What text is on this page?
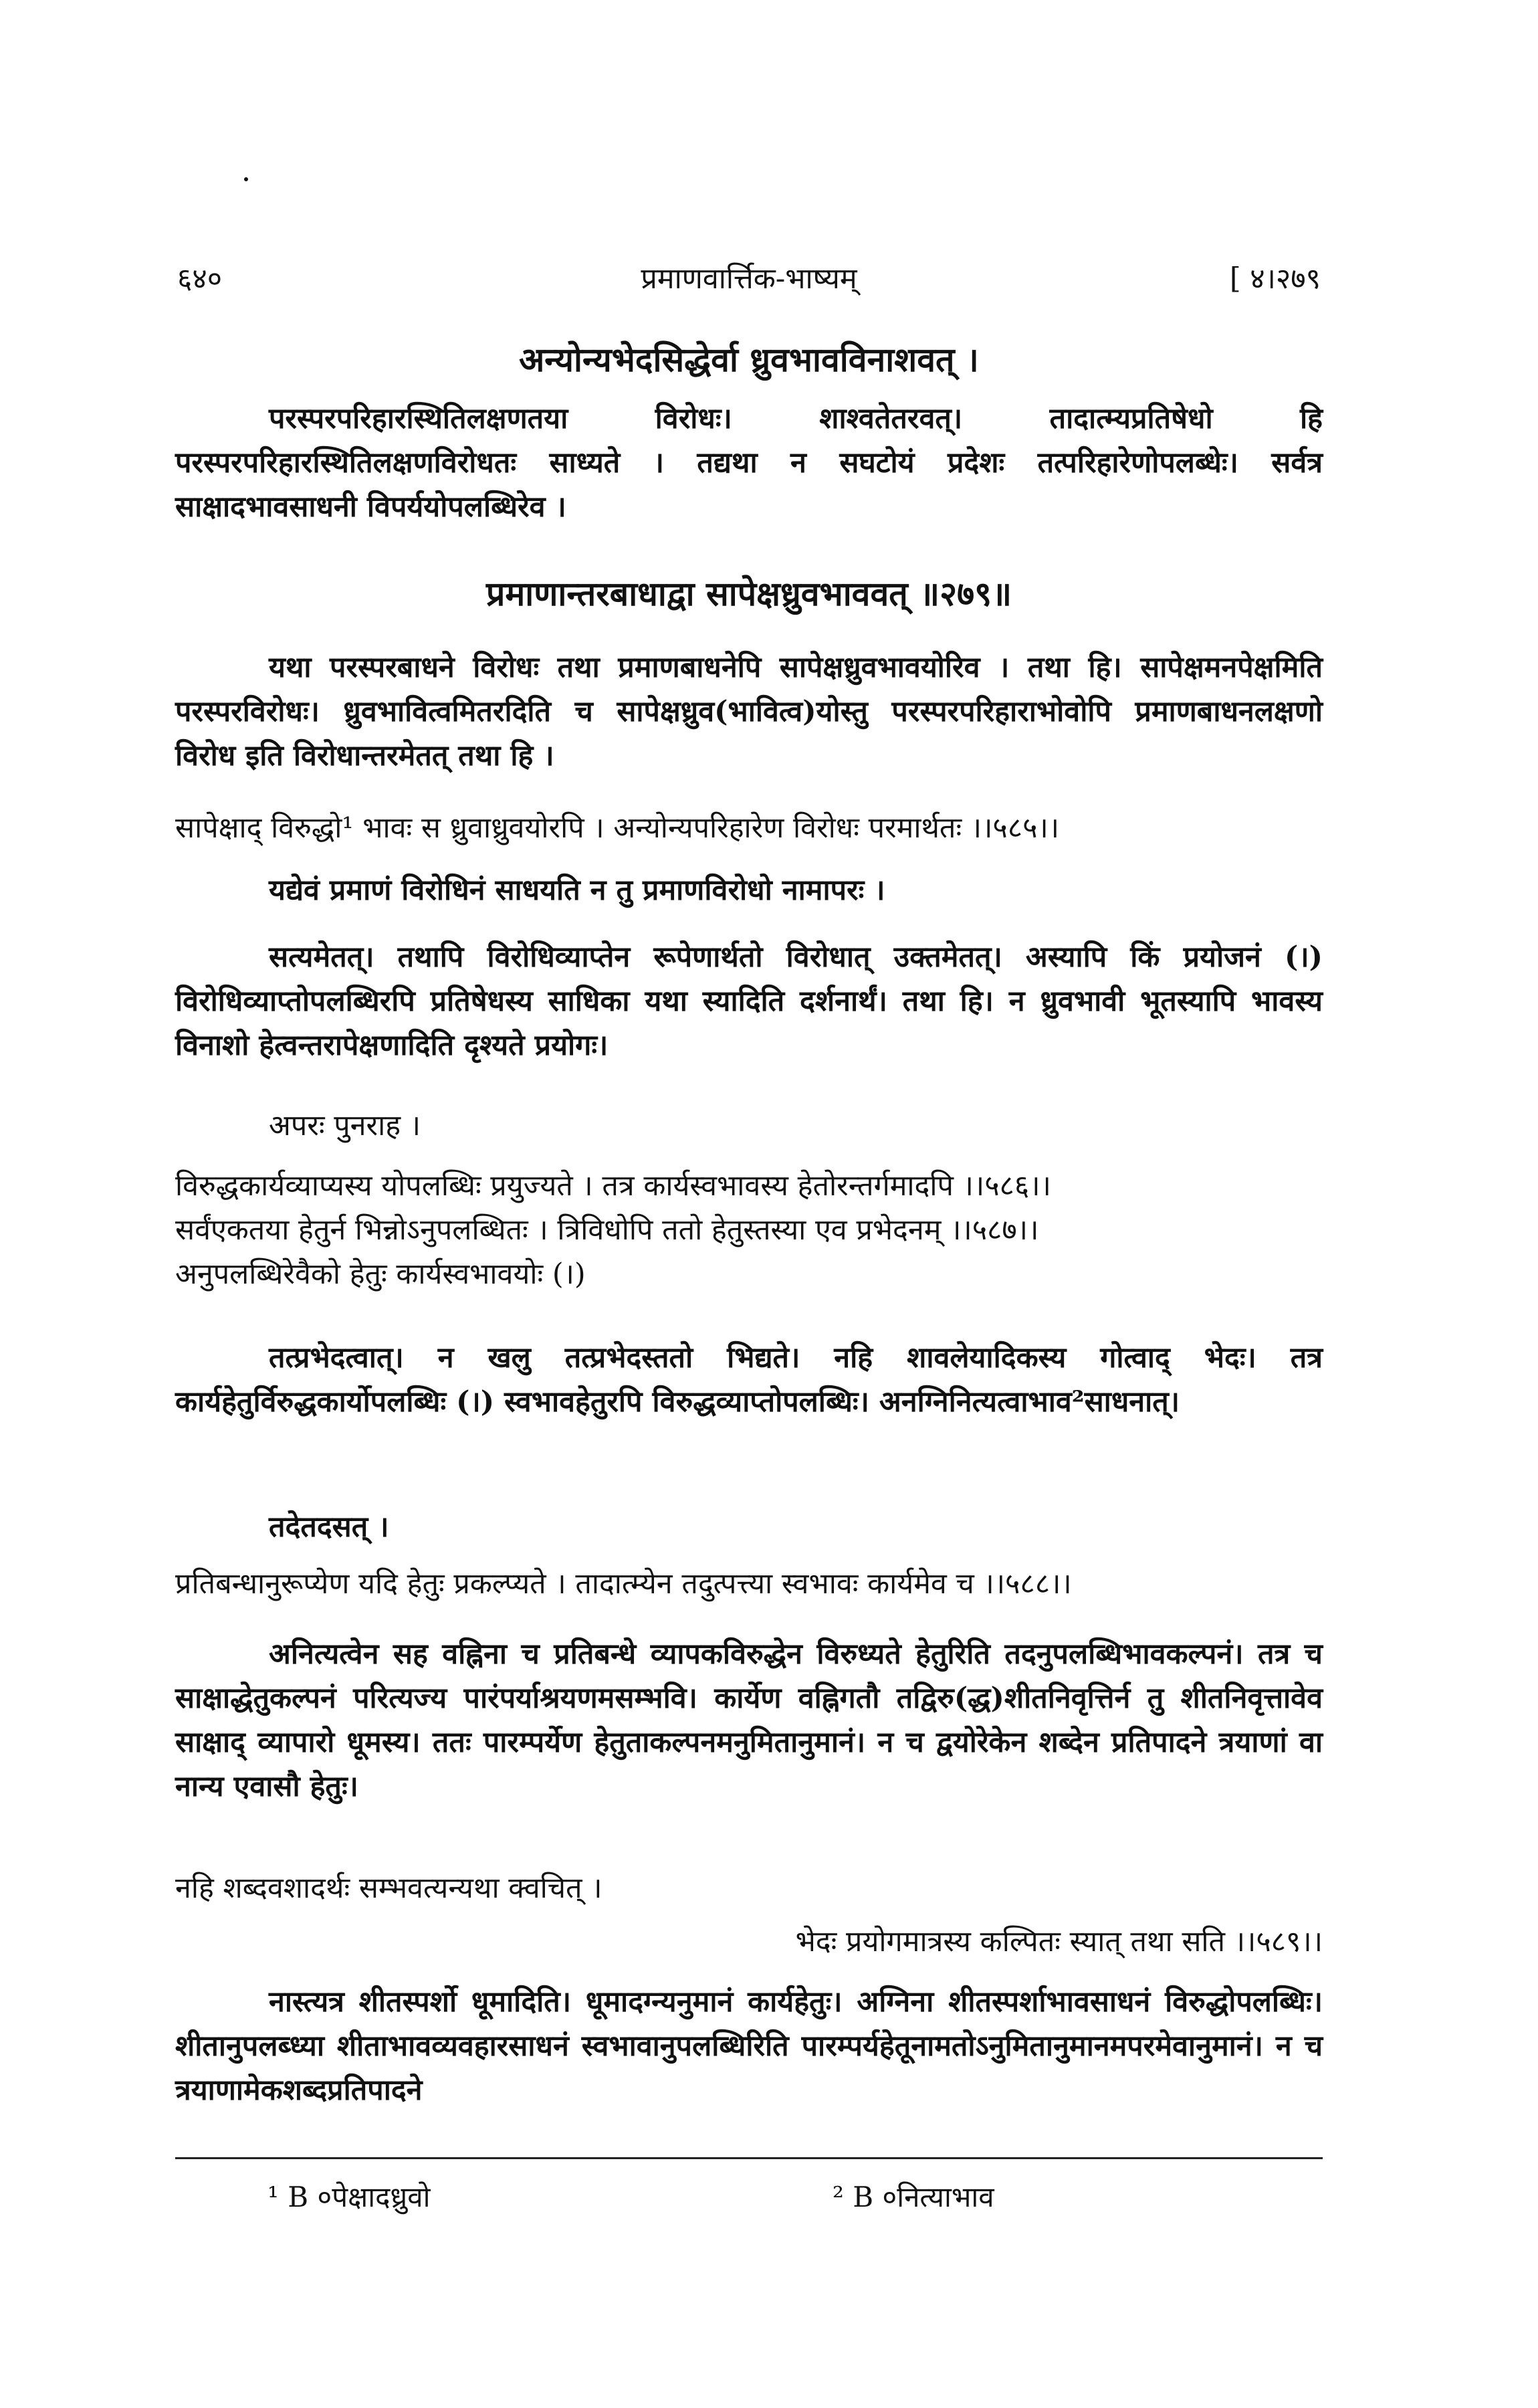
६४०	प्रमाणवार्त्तिक-भाष्यम्	[ ४।२७९
अन्योन्यभेदसिद्धेर्वा ध्रुवभावविनाशवत् ।
परस्परपरिहारस्थितिलक्षणतया विरोधः। शाश्वतेतरवत्। तादात्म्यप्रतिषेधो हि परस्परपरिहारस्थितिलक्षणविरोधतः साध्यते । तद्यथा न सघटोयं प्रदेशः तत्परिहारेणोपलब्धेः। सर्वत्र साक्षादभावसाधनी विपर्ययोपलब्धिरेव ।
प्रमाणान्तरबाधाद्वा सापेक्षध्रुवभाववत् ॥२७९॥
यथा परस्परबाधने विरोधः तथा प्रमाणबाधनेपि सापेक्षध्रुवभावयोरिव । तथा हि। सापेक्षमनपेक्षमिति परस्परविरोधः। ध्रुवभावित्वमितरदिति च सापेक्षध्रुव(भावित्व)योस्तु परस्परपरिहाराभोवोपि प्रमाणबाधनलक्षणो विरोध इति विरोधान्तरमेतत् तथा हि ।
सापेक्षाद् विरुद्धो¹ भावः स ध्रुवाध्रुवयोरपि । अन्योन्यपरिहारेण विरोधः परमार्थतः ।।५८५।।
यद्येवं प्रमाणं विरोधिनं साधयति न तु प्रमाणविरोधो नामापरः ।
सत्यमेतत्। तथापि विरोधिव्याप्तेन रूपेणार्थतो विरोधात् उक्तमेतत्। अस्यापि किं प्रयोजनं (।) विरोधिव्याप्तोपलब्धिरपि प्रतिषेधस्य साधिका यथा स्यादिति दर्शनार्थं। तथा हि। न ध्रुवभावी भूतस्यापि भावस्य विनाशो हेत्वन्तरापेक्षणादिति दृश्यते प्रयोगः।
अपरः पुनराह ।
विरुद्धकार्यव्याप्यस्य योपलब्धिः प्रयुज्यते । तत्र कार्यस्वभावस्य हेतोरन्तर्गमादपि ।।५८६।।
सर्वंएकतया हेतुर्न भिन्नोऽनुपलब्धितः । त्रिविधोपि ततो हेतुस्तस्या एव प्रभेदनम् ।।५८७।।
अनुपलब्धिरेवैको हेतुः कार्यस्वभावयोः (।)
तत्प्रभेदत्वात्। न खलु तत्प्रभेदस्ततो भिद्यते। नहि शावलेयादिकस्य गोत्वाद् भेदः। तत्र कार्यहेतुर्विरुद्धकार्योपलब्धिः (।) स्वभावहेतुरपि विरुद्धव्याप्तोपलब्धिः। अनग्निनित्यत्वाभाव²साधनात्।
तदेतदसत् ।
प्रतिबन्धानुरूप्येण यदि हेतुः प्रकल्प्यते । तादात्म्येन तदुत्पत्त्या स्वभावः कार्यमेव च ।।५८८।।
अनित्यत्वेन सह वह्निना च प्रतिबन्धे व्यापकविरुद्धेन विरुध्यते हेतुरिति तदनुपलब्धिभावकल्पनं। तत्र च साक्षाद्धेतुकल्पनं परित्यज्य पारंपर्याश्रयणमसम्भवि। कार्येण वह्निगतौ तद्विरु(द्ध)शीतनिवृत्तिर्न तु शीतनिवृत्तावेव साक्षाद् व्यापारो धूमस्य। ततः पारम्पर्येण हेतुताकल्पनमनुमितानुमानं। न च द्वयोरेकेन शब्देन प्रतिपादने त्रयाणां वा नान्य एवासौ हेतुः।
नहि शब्दवशादर्थः सम्भवत्यन्यथा क्वचित् ।
भेदः प्रयोगमात्रस्य कल्पितः स्यात् तथा सति ।।५८९।।
नास्त्यत्र शीतस्पर्शो धूमादिति। धूमादग्न्यनुमानं कार्यहेतुः। अग्निना शीतस्पर्शाभावसाधनं विरुद्धोपलब्धिः। शीतानुपलब्ध्या शीताभावव्यवहारसाधनं स्वभावानुपलब्धिरिति पारम्पर्यहेतूनामतोऽनुमितानुमानमपरमेवानुमानं। न च त्रयाणामेकशब्दप्रतिपादने
¹ B ०पेक्षादध्रुवो	² B ०नित्याभाव
